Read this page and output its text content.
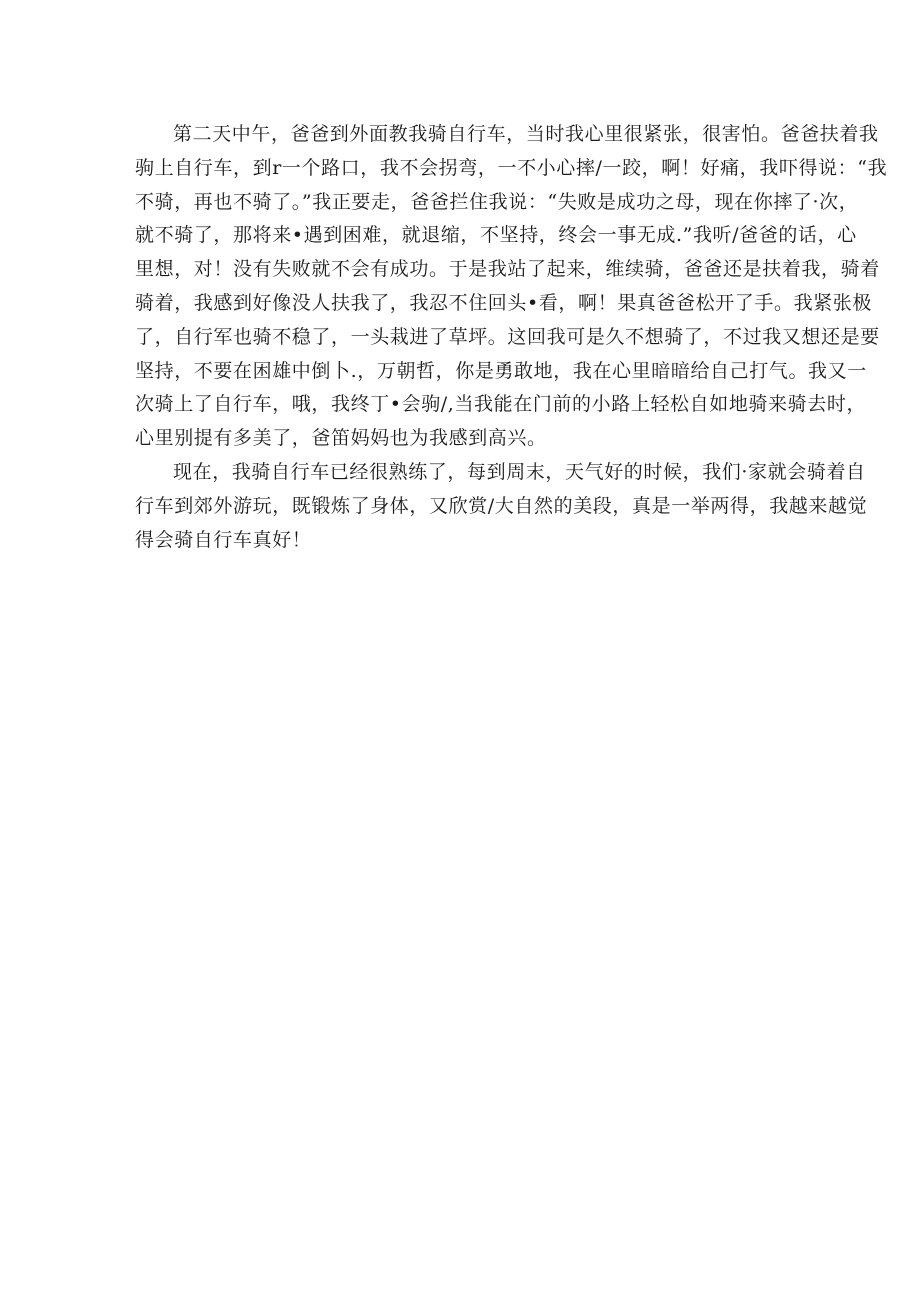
第二天中午，爸爸到外面教我骑自行车，当时我心里很紧张，很害怕。爸爸扶着我
驹上自行车，到r一个路口，我不会拐弯，一不小心摔/一跤，啊！好痛，我吓得说：“我
不骑，再也不骑了。”我正要走，爸爸拦住我说：“失败是成功之母，现在你摔了·次，
就不骑了，那将来•遇到困难，就退缩，不坚持，终会一事无成.”我听/爸爸的话，心
里想，对！没有失败就不会有成功。于是我站了起来，维续骑，爸爸还是扶着我，骑着
骑着，我感到好像没人扶我了，我忍不住回头•看，啊！果真爸爸松开了手。我紧张极
了，自行军也骑不稳了，一头栽进了草坪。这回我可是久不想骑了，不过我又想还是要
坚持，不要在困雄中倒卜.，万朝哲，你是勇敢地，我在心里暗暗给自己打气。我又一
次骑上了自行车，哦，我终丁•会驹/,当我能在门前的小路上轻松自如地骑来骑去时，
心里别提有多美了，爸笛妈妈也为我感到高兴。
现在，我骑自行车已经很熟练了，每到周末，天气好的时候，我们·家就会骑着自
行车到郊外游玩，既锻炼了身体，又欣赏/大自然的美段，真是一举两得，我越来越觉
得会骑自行车真好！
